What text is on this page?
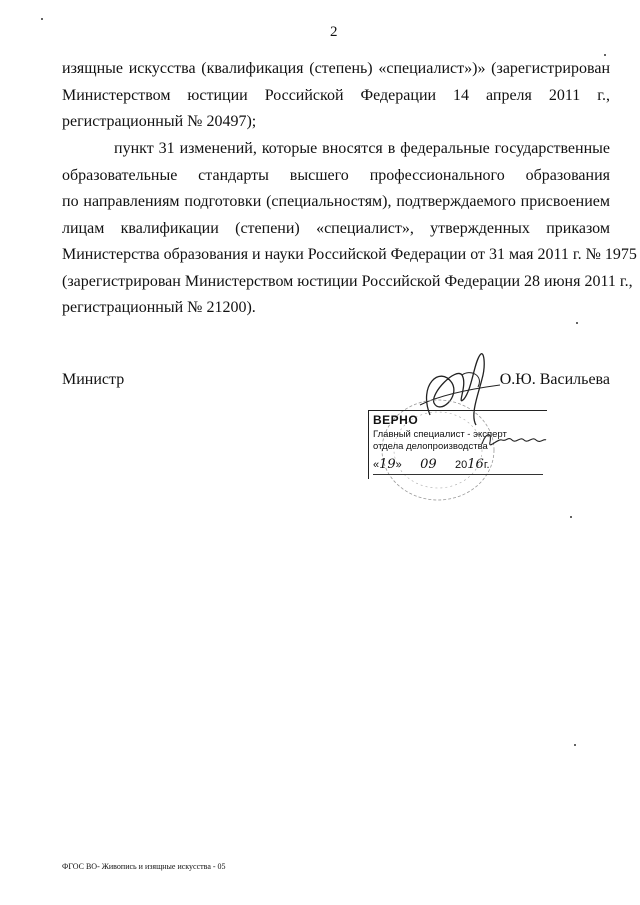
2
изящные искусства (квалификация (степень) «специалист»)» (зарегистрирован
Министерством юстиции Российской Федерации 14 апреля 2011 г.,
регистрационный № 20497);
пункт 31 изменений, которые вносятся в федеральные государственные
образовательные стандарты высшего профессионального образования
по направлениям подготовки (специальностям), подтверждаемого присвоением
лицам квалификации (степени) «специалист», утвержденных приказом
Министерства образования и науки Российской Федерации от 31 мая 2011 г. № 1975
(зарегистрирован Министерством юстиции Российской Федерации 28 июня 2011 г.,
регистрационный № 21200).
Министр	О.Ю. Васильева
ВЕРНО
Главный специалист - эксперт
отдела делопроизводства
«19» 09 2016г.
ФГОС ВО- Живопись и изящные искусства - 05
